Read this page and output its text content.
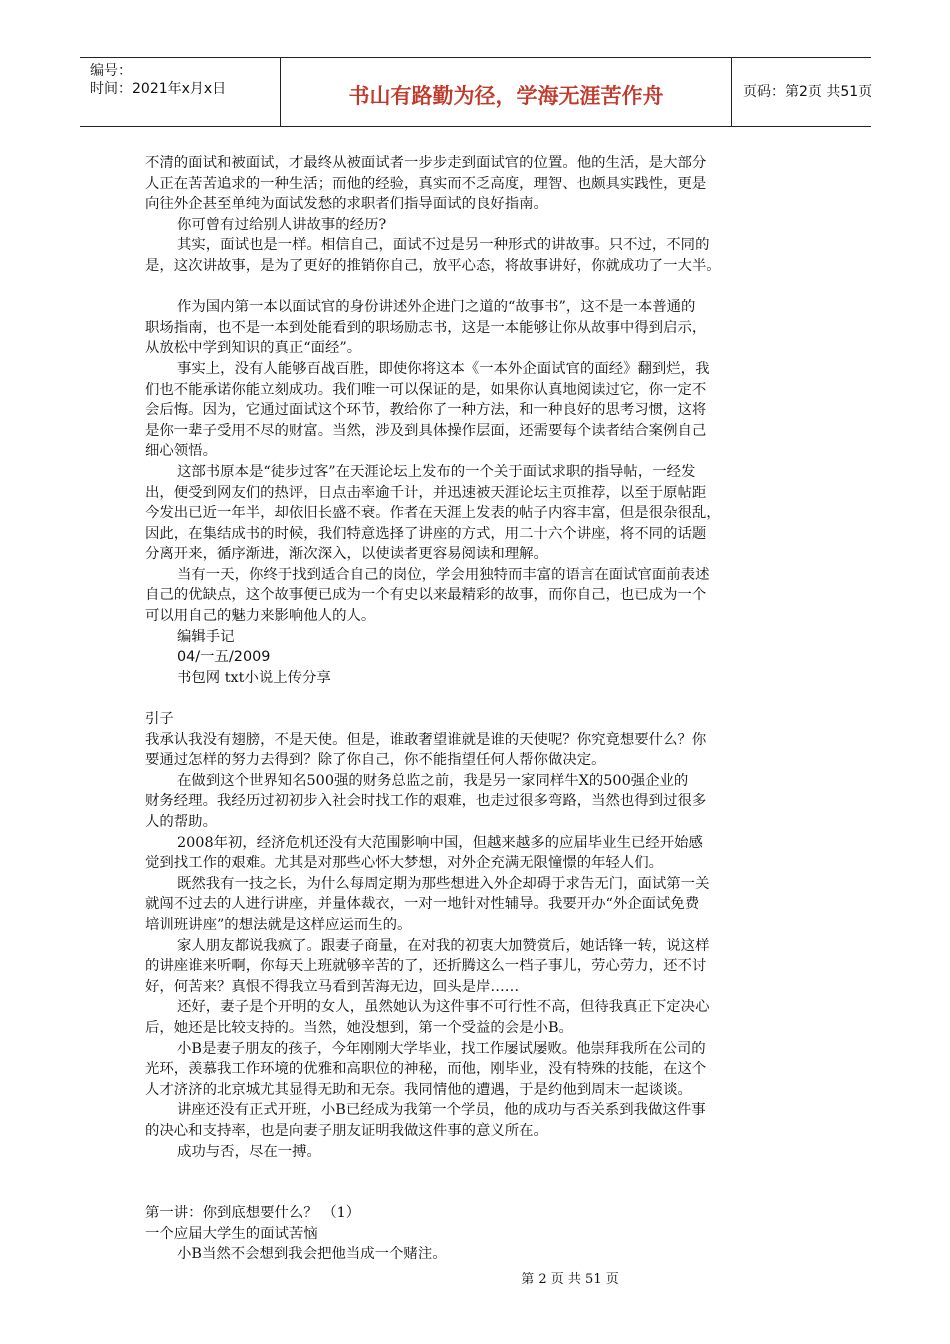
编号：
时间：2021年x月x日	书山有路勤为径，学海无涯苦作舟	页码：第2页 共51页
不清的面试和被面试，才最终从被面试者一步步走到面试官的位置。他的生活，是大部分
人正在苦苦追求的一种生活；而他的经验，真实而不乏高度，理智、也颇具实践性，更是
向往外企甚至单纯为面试发愁的求职者们指导面试的良好指南。
你可曾有过给别人讲故事的经历?
其实，面试也是一样。相信自己，面试不过是另一种形式的讲故事。只不过，不同的
是，这次讲故事，是为了更好的推销你自己，放平心态，将故事讲好，你就成功了一大半。
作为国内第一本以面试官的身份讲述外企进门之道的“故事书”，这不是一本普通的
职场指南，也不是一本到处能看到的职场励志书，这是一本能够让你从故事中得到启示，
从放松中学到知识的真正“面经”。
事实上，没有人能够百战百胜，即使你将这本《一本外企面试官的面经》翻到烂，我
们也不能承诺你能立刻成功。我们唯一可以保证的是，如果你认真地阅读过它，你一定不
会后悔。因为，它通过面试这个环节，教给你了一种方法，和一种良好的思考习惯，这将
是你一辈子受用不尽的财富。当然，涉及到具体操作层面，还需要每个读者结合案例自己
细心领悟。
这部书原本是“徒步过客”在天涯论坛上发布的一个关于面试求职的指导帖，一经发
出，便受到网友们的热评，日点击率逾千计，并迅速被天涯论坛主页推荐，以至于原帖距
今发出已近一年半，却依旧长盛不衰。作者在天涯上发表的帖子内容丰富，但是很杂很乱，
因此，在集结成书的时候，我们特意选择了讲座的方式，用二十六个讲座，将不同的话题
分离开来，循序渐进，渐次深入，以使读者更容易阅读和理解。
当有一天，你终于找到适合自己的岗位，学会用独特而丰富的语言在面试官面前表述
自己的优缺点，这个故事便已成为一个有史以来最精彩的故事，而你自己，也已成为一个
可以用自己的魅力来影响他人的人。
编辑手记
04/一五/2009
书包网 txt小说上传分享
引子
我承认我没有翅膀，不是天使。但是，谁敢奢望谁就是谁的天使呢？你究竟想要什么？你
要通过怎样的努力去得到？除了你自己，你不能指望任何人帮你做决定。
在做到这个世界知名500强的财务总监之前，我是另一家同样牛X的500强企业的
财务经理。我经历过初初步入社会时找工作的艰难，也走过很多弯路，当然也得到过很多
人的帮助。
2008年初，经济危机还没有大范围影响中国，但越来越多的应届毕业生已经开始感
觉到找工作的艰难。尤其是对那些心怀大梦想，对外企充满无限憧憬的年轻人们。
既然我有一技之长，为什么每周定期为那些想进入外企却碍于求告无门，面试第一关
就闯不过去的人进行讲座，并量体裁衣，一对一地针对性辅导。我要开办“外企面试免费
培训班讲座”的想法就是这样应运而生的。
家人朋友都说我疯了。跟妻子商量，在对我的初衷大加赞赏后，她话锋一转，说这样
的讲座谁来听啊，你每天上班就够辛苦的了，还折腾这么一档子事儿，劳心劳力，还不讨
好，何苦来？真恨不得我立马看到苦海无边，回头是岸……
还好，妻子是个开明的女人，虽然她认为这件事不可行性不高，但待我真正下定决心
后，她还是比较支持的。当然，她没想到，第一个受益的会是小B。
小B是妻子朋友的孩子，今年刚刚大学毕业，找工作屡试屡败。他崇拜我所在公司的
光环，羡慕我工作环境的优雅和高职位的神秘，而他，刚毕业，没有特殊的技能，在这个
人才济济的北京城尤其显得无助和无奈。我同情他的遭遇，于是约他到周末一起谈谈。
讲座还没有正式开班，小B已经成为我第一个学员，他的成功与否关系到我做这件事
的决心和支持率，也是向妻子朋友证明我做这件事的意义所在。
成功与否，尽在一搏。
第一讲：你到底想要什么？ （1）
一个应届大学生的面试苦恼
小B当然不会想到我会把他当成一个赌注。
第 2 页 共 51 页
